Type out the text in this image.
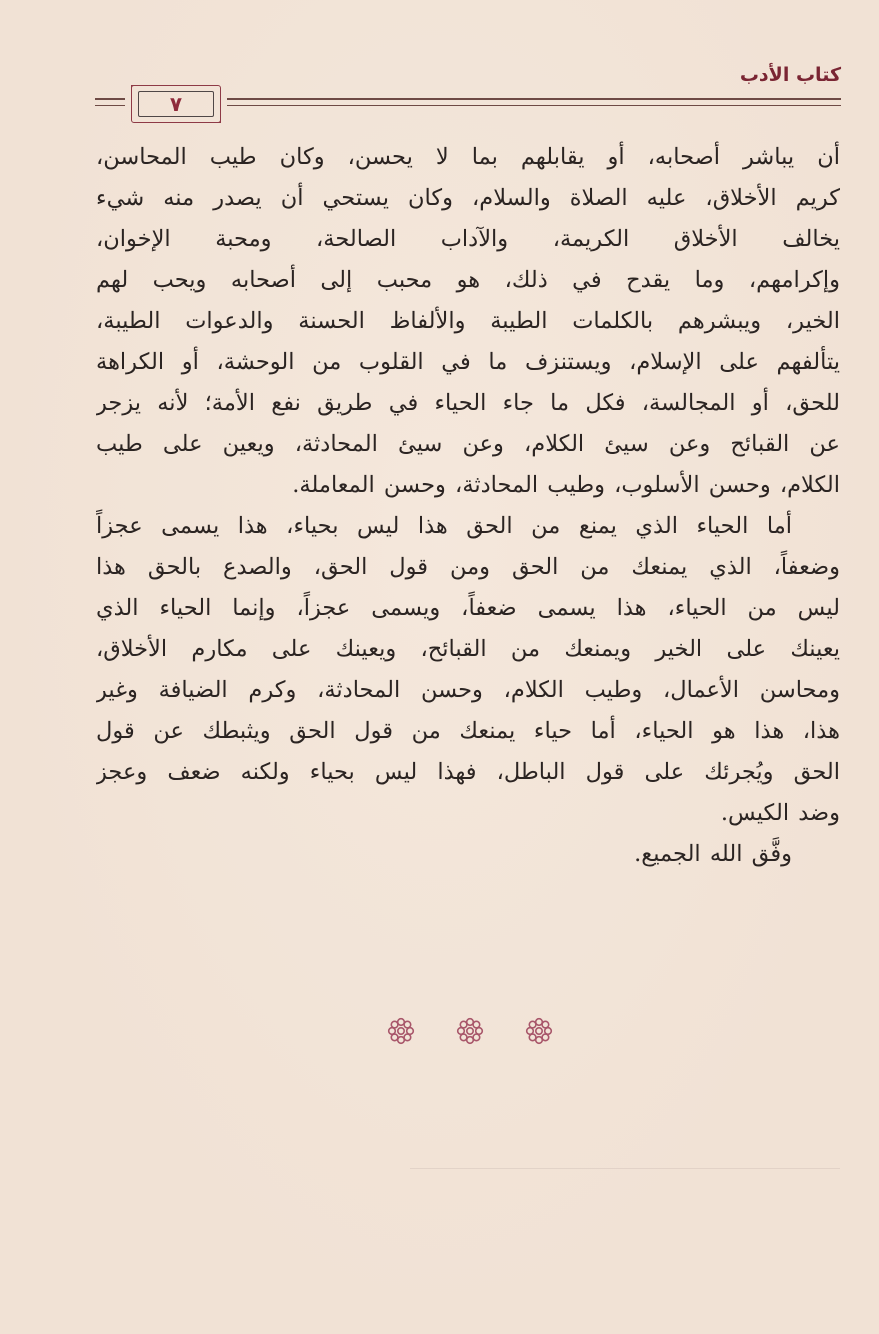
كتاب الأدب
٧
أن يباشر أصحابه، أو يقابلهم بما لا يحسن، وكان طيب المحاسن،
كريم الأخلاق، عليه الصلاة والسلام، وكان يستحي أن يصدر منه شيء
يخالف الأخلاق الكريمة، والآداب الصالحة، ومحبة الإخوان،
وإكرامهم، وما يقدح في ذلك، هو محبب إلى أصحابه ويحب لهم
الخير، ويبشرهم بالكلمات الطيبة والألفاظ الحسنة والدعوات الطيبة،
يتألفهم على الإسلام، ويستنزف ما في القلوب من الوحشة، أو الكراهة
للحق، أو المجالسة، فكل ما جاء الحياء في طريق نفع الأمة؛ لأنه يزجر
عن القبائح وعن سيئ الكلام، وعن سيئ المحادثة، ويعين على طيب
الكلام، وحسن الأسلوب، وطيب المحادثة، وحسن المعاملة.
أما الحياء الذي يمنع من الحق هذا ليس بحياء، هذا يسمى عجزاً
وضعفاً، الذي يمنعك من الحق ومن قول الحق، والصدع بالحق هذا
ليس من الحياء، هذا يسمى ضعفاً، ويسمى عجزاً، وإنما الحياء الذي
يعينك على الخير ويمنعك من القبائح، ويعينك على مكارم الأخلاق،
ومحاسن الأعمال، وطيب الكلام، وحسن المحادثة، وكرم الضيافة وغير
هذا، هذا هو الحياء، أما حياء يمنعك من قول الحق ويثبطك عن قول
الحق ويُجرئك على قول الباطل، فهذا ليس بحياء ولكنه ضعف وعجز
وضد الكيس.
وفَّق الله الجميع.
